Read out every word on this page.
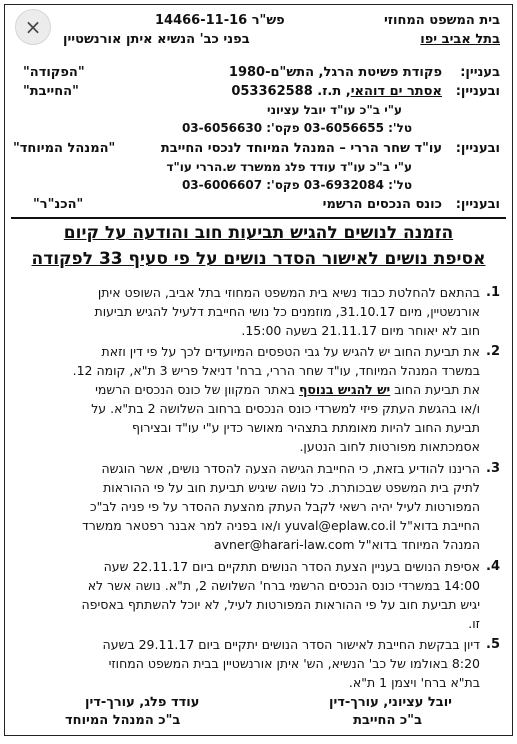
×	בית המשפט המחוזי
פש"ר 14466-11-16
בתל אביב יפו
בפני כב' הנשיא איתן אורנשטיין
בעניין:
פקודת פשיטת הרגל, התש"ם-1980
"הפקודה"
ובעניין:
אסתר ים דוהאי, ת.ז. 053362588
"החייבת"
ע"י ב"כ עו"ד יובל עציוני
טל': 03-6056655 פקס': 03-6056630
ובעניין:
עו"ד שחר הררי – המנהל המיוחד לנכסי החייבת
"המנהל המיוחד"
ע"י ב"כ עו"ד עודד פלג ממשרד ש.הררי עו"ד
טל': 03-6932084 פקס': 03-6006607
ובעניין:
כונס הנכסים הרשמי
"הכנ"ר"
הזמנה לנושים להגיש תביעות חוב והודעה על קיום
אסיפת נושים לאישור הסדר נושים על פי סעיף 33 לפקודה
1.
בהתאם להחלטת כבוד נשיא בית המשפט המחוזי בתל אביב, השופט איתן
אורנשטיין, מיום 31.10.17, מוזמנים כל נושי החייבת דלעיל להגיש תביעות
חוב לא יאוחר מיום 21.11.17 בשעה 15:00.
2.
את תביעת החוב יש להגיש על גבי הטפסים המיועדים לכך על פי דין וזאת
במשרד המנהל המיוחד, עו"ד שחר הררי, ברח' דניאל פריש 3 ת"א, קומה 12.
את תביעת החוב יש להגיש בנוסף באתר המקוון של כונס הנכסים הרשמי
ו/או בהגשת העתק פיזי למשרדי כונס הנכסים ברחוב השלושה 2 בת"א. על
תביעת החוב להיות מאומתת בתצהיר מאושר כדין ע"י עו"ד ובצירוף
אסמכתאות מפורטות לחוב הנטען.
3.
הריננו להודיע בזאת, כי החייבת הגישה הצעה להסדר נושים, אשר הוגשה
לתיק בית המשפט שבכותרת. כל נושה שיגיש תביעת חוב על פי ההוראות
המפורטות לעיל יהיה רשאי לקבל העתק מהצעת ההסדר על פי פניה לב"כ
החייבת בדוא"ל yuval@eplaw.co.il ו/או בפניה למר אבנר רפטאר ממשרד
המנהל המיוחד בדוא"ל avner@harari-law.com
4.
אסיפת הנושים בעניין הצעת הסדר הנושים תתקיים ביום 22.11.17 שעה
14:00 במשרדי כונס הנכסים הרשמי ברח' השלושה 2, ת"א. נושה אשר לא
יגיש תביעת חוב על פי ההוראות המפורטות לעיל, לא יוכל להשתתף באסיפה
זו.
5.
דיון בבקשת החייבת לאישור הסדר הנושים יתקיים ביום 29.11.17 בשעה
8:20 באולמו של כב' הנשיא, הש' איתן אורנשטיין בבית המשפט המחוזי
בת"א ברח' ויצמן 1 ת"א.
יובל עציוני, עורך-דין
ב"כ החייבת
עודד פלג, עורך-דין
ב"כ המנהל המיוחד
